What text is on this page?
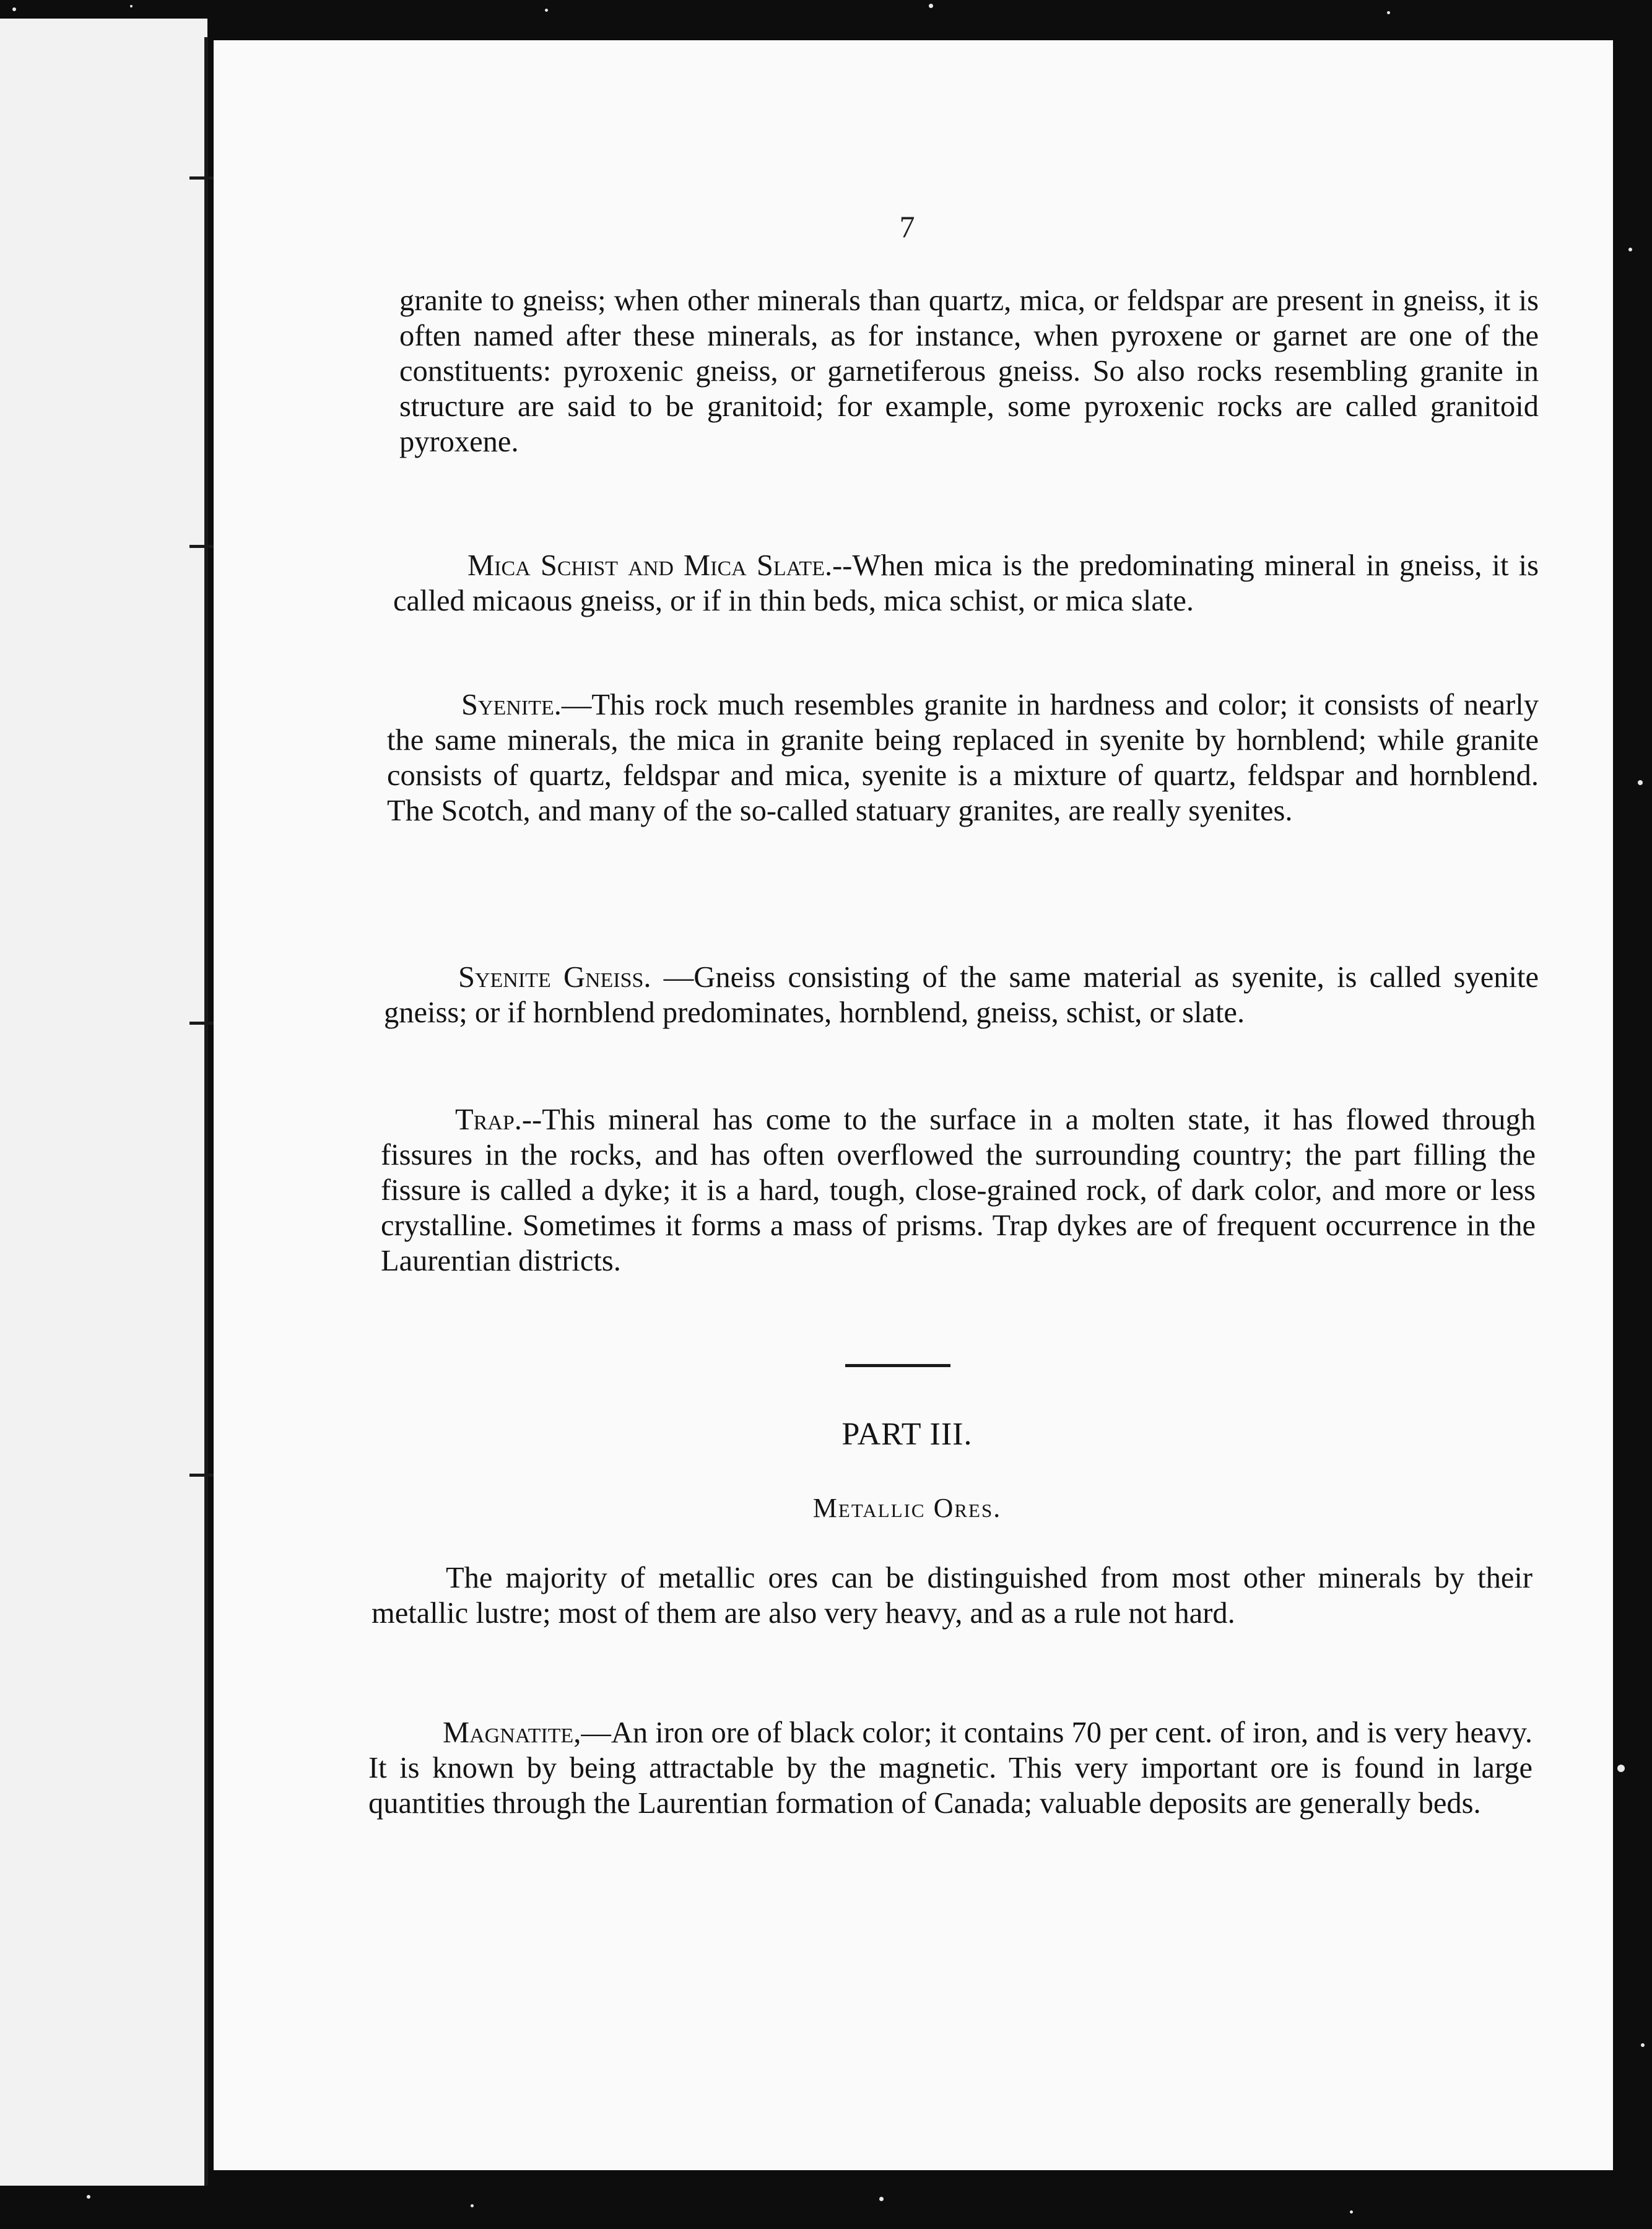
7

granite to gneiss; when other minerals than quartz, mica, or feldspar are present in gneiss, it is often named after these minerals, as for instance, when pyroxene or garnet are one of the constituents: pyroxenic gneiss, or garnetiferous gneiss. So also rocks resembling granite in structure are said to be granitoid; for example, some pyroxenic rocks are called granitoid pyroxene.

Mica Schist and Mica Slate.--When mica is the predominating mineral in gneiss, it is called micaous gneiss, or if in thin beds, mica schist, or mica slate.

Syenite.—This rock much resembles granite in hardness and color; it consists of nearly the same minerals, the mica in granite being replaced in syenite by hornblend; while granite consists of quartz, feldspar and mica, syenite is a mixture of quartz, feldspar and hornblend. The Scotch, and many of the so-called statuary granites, are really syenites.

Syenite Gneiss. —Gneiss consisting of the same material as syenite, is called syenite gneiss; or if hornblend predominates, hornblend, gneiss, schist, or slate.

Trap.--This mineral has come to the surface in a molten state, it has flowed through fissures in the rocks, and has often overflowed the surrounding country; the part filling the fissure is called a dyke; it is a hard, tough, close-grained rock, of dark color, and more or less crystalline. Sometimes it forms a mass of prisms. Trap dykes are of frequent occurrence in the Laurentian districts.

PART III.
Metallic Ores.

The majority of metallic ores can be distinguished from most other minerals by their metallic lustre; most of them are also very heavy, and as a rule not hard.

Magnatite,—An iron ore of black color; it contains 70 per cent. of iron, and is very heavy. It is known by being attractable by the magnetic. This very important ore is found in large quantities through the Laurentian formation of Canada; valuable deposits are generally beds.
